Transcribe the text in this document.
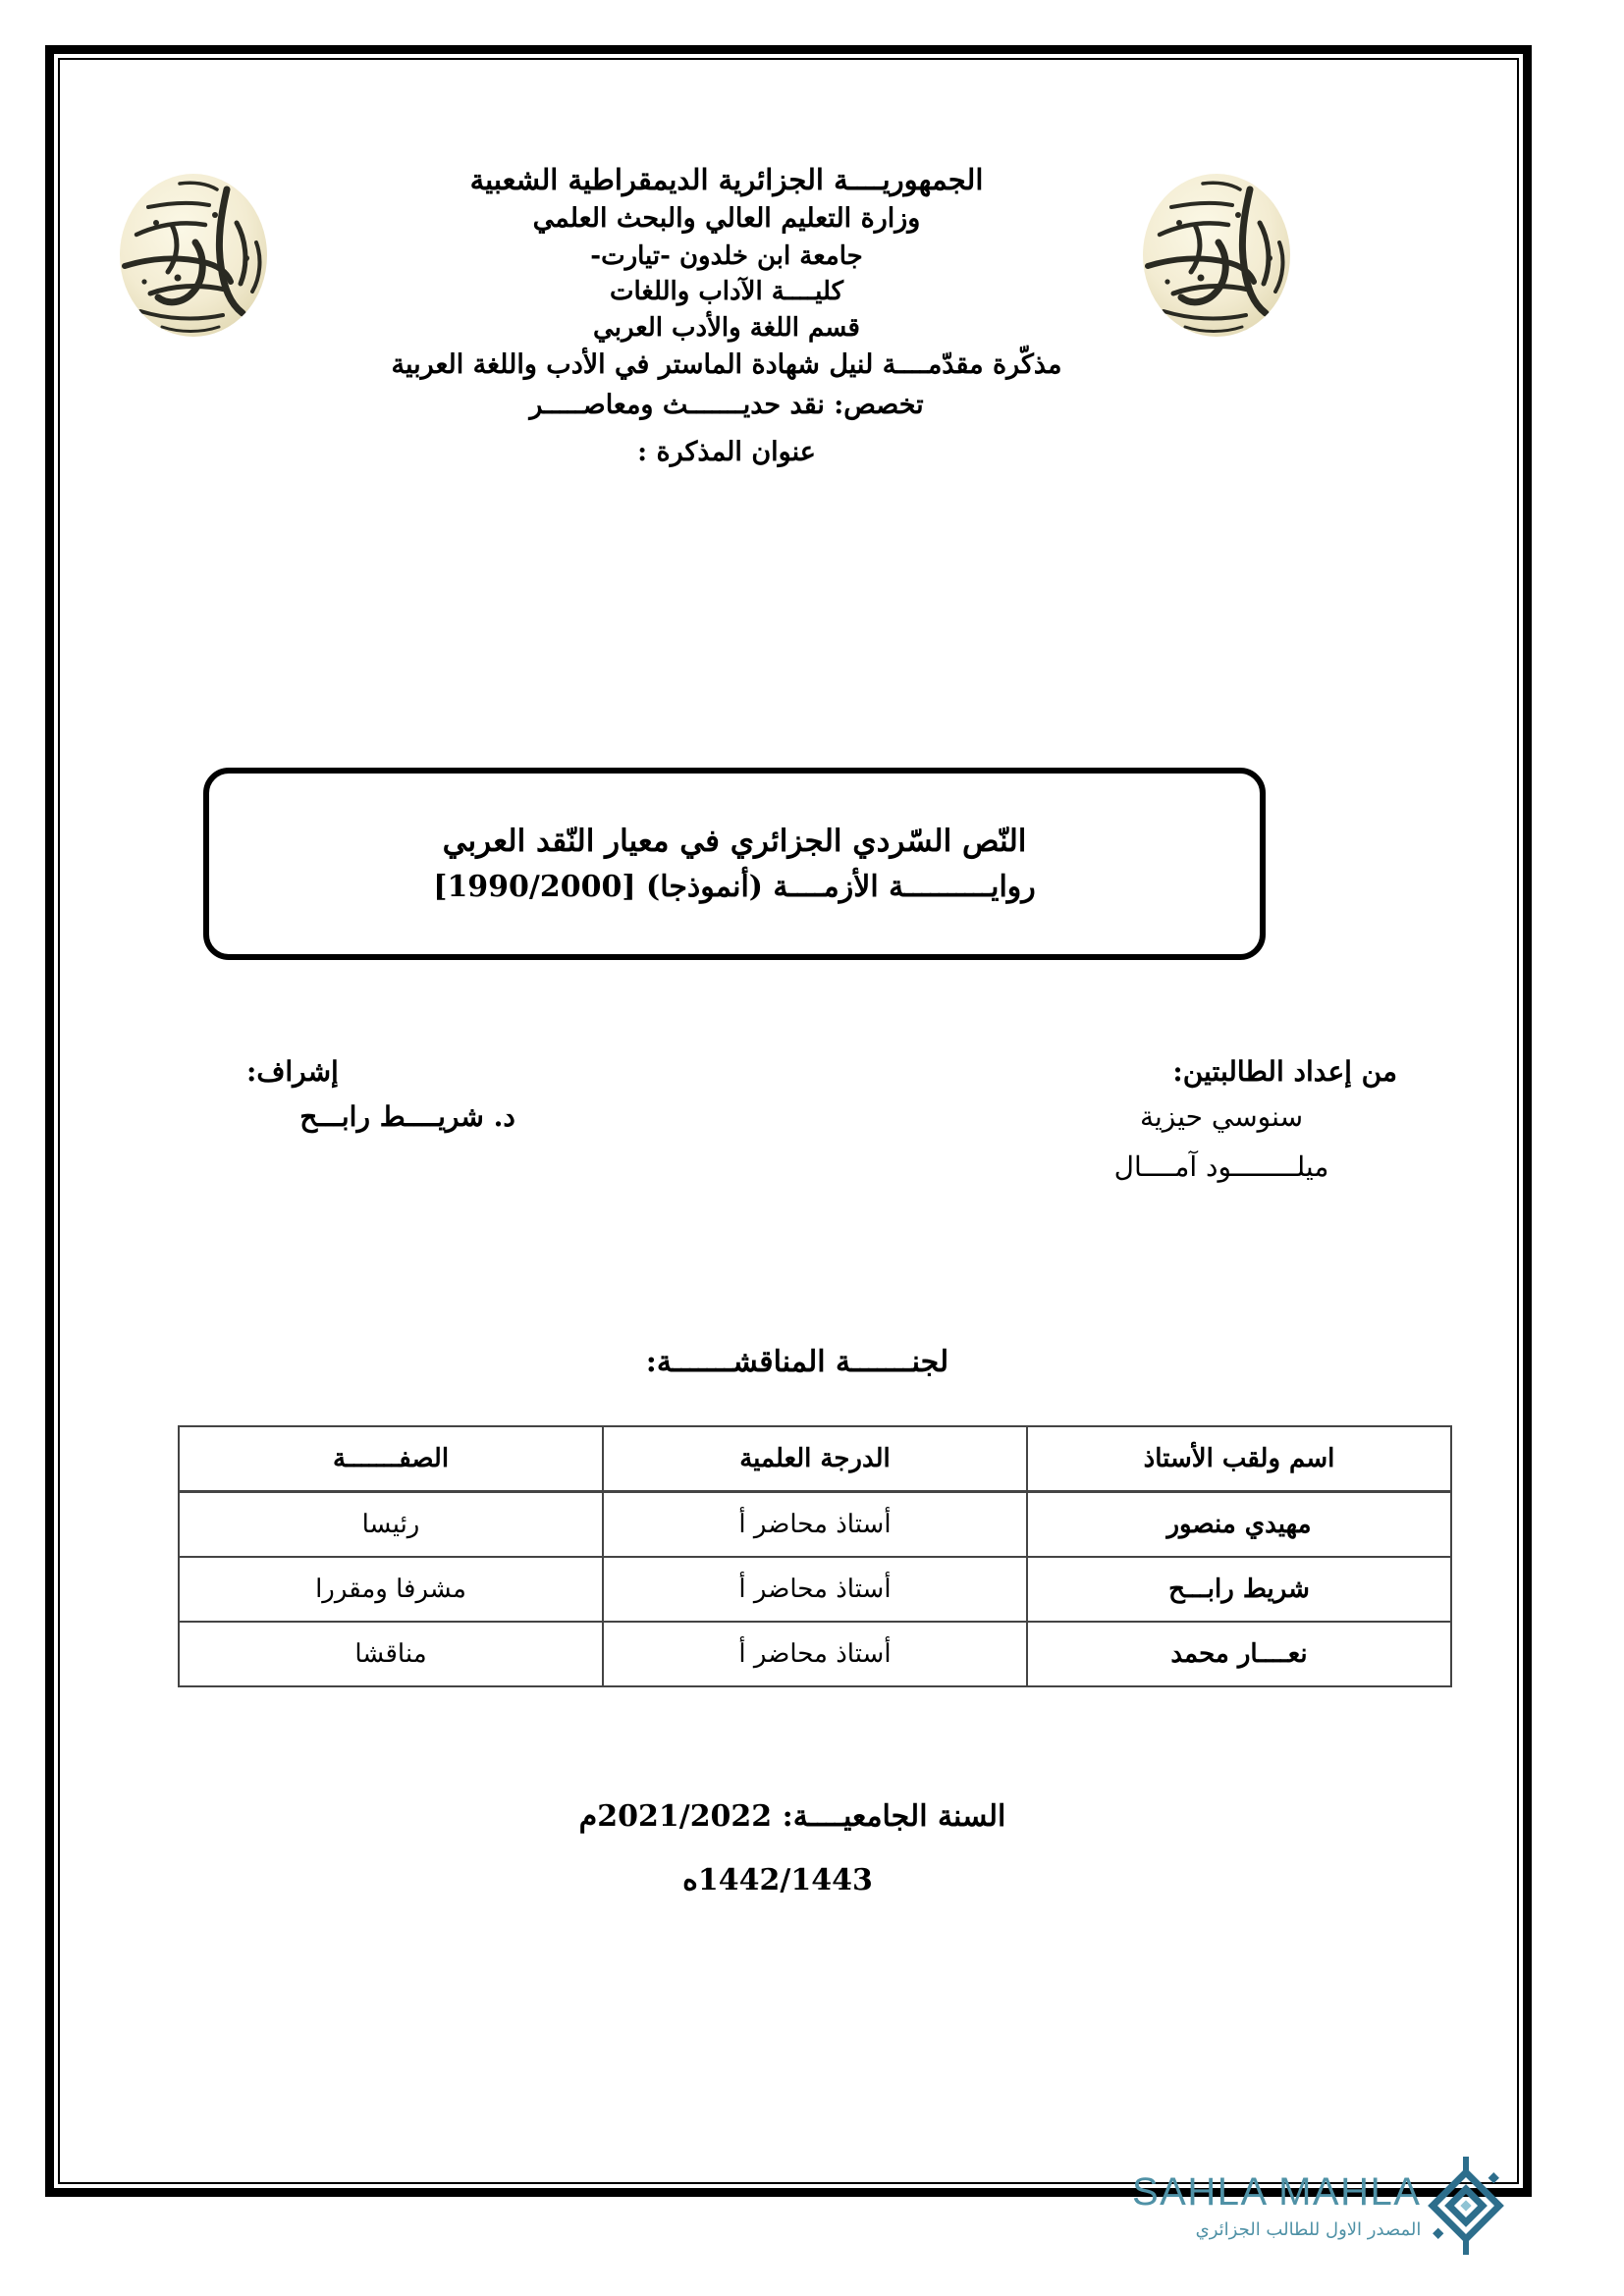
الجمهوريــــة الجزائرية الديمقراطية الشعبية
وزارة التعليم العالي والبحث العلمي
جامعة ابن خلدون -تيارت-
كليــــة الآداب واللغات
قسم اللغة والأدب العربي
مذكّرة مقدّمــــة لنيل شهادة الماستر في الأدب واللغة العربية
تخصص: نقد حديـــــــث ومعاصـــــر
عنوان المذكرة :
النّص السّردي الجزائري في معيار النّقد العربي
روايــــــــــة الأزمــــة (أنموذجا) [1990/2000]
من إعداد الطالبتين:
سنوسي حيزية
ميلــــــــود آمــــال
إشراف:
د. شريــــط رابـــح
لجنـــــــة المناقشـــــــة:
اسم ولقب الأستاذ	الدرجة العلمية	الصفـــــــة
مهيدي منصور	أستاذ محاضر أ	رئيسا
شريط رابـــح	أستاذ محاضر أ	مشرفا ومقررا
نعــــار محمد	أستاذ محاضر أ	مناقشا
السنة الجامعيــــة: 2021/2022م
1442/1443ه
SAHLA MAHLA
المصدر الاول للطالب الجزائري
